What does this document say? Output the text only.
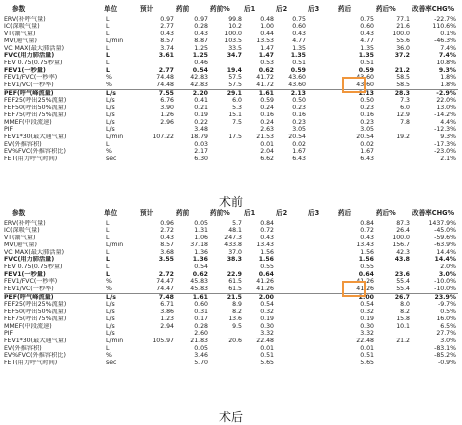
参数	单位	预计	药前	药前%	后1	后2	后3	药后	药后%	改善率CHG%
ERV(补呼气量)	L	0.97	0.97	99.8	0.48	0.75		0.75	77.1	-22.7%
IC(深吸气量)	L	2.77	0.28	10.2	1.00	0.60		0.60	21.6	110.6%
VT(潮气量)	L	0.43	0.43	100.0	0.44	0.43		0.43	100.0	0.1%
MV(通气量)	L/min	8.57	8.87	103.5	13.53	4.77		4.77	55.6	-46.3%
VC MAX(最大肺活量)	L	3.74	1.25	33.5	1.47	1.35		1.35	36.0	7.4%
FVC(用力肺活量)	L	3.61	1.25	34.7	1.47	1.35		1.35	37.2	7.4%
FEV 0.75(0.75秒量)	L		0.46		0.53	0.51		0.51		10.8%
FEV1(一秒量)	L	2.77	0.54	19.4	0.62	0.59		0.59	21.2	9.3%
FEV1/FVC(一秒率)	%	74.48	42.83	57.5	41.72	43.60		43.60	58.5	1.8%
FEV1/VC(一秒率)	%	74.48	42.83	57.5	41.72	43.60		43.60	58.5	1.8%
PEF(呼气峰流量)	L/s	7.55	2.20	29.1	1.61	2.13		2.13	28.3	-2.9%
FEF25(呼出25%流量)	L/s	6.76	0.41	6.0	0.59	0.50		0.50	7.3	22.0%
FEF50(呼出50%流量)	L/s	3.90	0.21	5.3	0.24	0.23		0.23	6.0	13.0%
FEF75(呼出75%流量)	L/s	1.26	0.19	15.1	0.16	0.16		0.16	12.9	-14.2%
MMEF(中段流速)	L/s	2.96	0.22	7.5	0.24	0.23		0.23	7.8	4.4%
PIF	L/s		3.48		2.63	3.05		3.05		-12.3%
FEV1*30(最大通气量)	L/min	107.22	18.79	17.5	21.53	20.54		20.54	19.2	9.3%
EV(外推容积)	L		0.03		0.01	0.02		0.02		-17.3%
EV%FVC(外推容积比)	%		2.17		2.04	1.67		1.67		-23.0%
FET(用力呼气时间)	sec		6.30		6.62	6.43		6.43		2.1%
术前
参数	单位	预计	药前	药前%	后1	后2	后3	药后	药后%	改善率CHG%
ERV(补呼气量)	L	0.96	0.05	5.7	0.84			0.84	87.3	1437.9%
IC(深吸气量)	L	2.72	1.31	48.1	0.72			0.72	26.4	-45.0%
VT(潮气量)	L	0.43	1.06	247.3	0.43			0.43	100.0	-59.6%
MV(通气量)	L/min	8.57	37.18	433.8	13.43			13.43	156.7	-63.9%
VC MAX(最大肺活量)	L	3.68	1.36	37.0	1.56			1.56	42.3	14.4%
FVC(用力肺活量)	L	3.55	1.36	38.3	1.56			1.56	43.8	14.4%
FEV 0.75(0.75秒量)	L		0.54		0.55			0.55		2.0%
FEV1(一秒量)	L	2.72	0.62	22.9	0.64			0.64	23.6	3.0%
FEV1/FVC(一秒率)	%	74.47	45.83	61.5	41.26			41.26	55.4	-10.0%
FEV1/VC(一秒率)	%	74.47	45.83	61.5	41.26			41.26	55.4	-10.0%
PEF(呼气峰流量)	L/s	7.48	1.61	21.5	2.00			2.00	26.7	23.9%
FEF25(呼出25%流量)	L/s	6.71	0.60	8.9	0.54			0.54	8.0	-9.7%
FEF50(呼出50%流量)	L/s	3.86	0.31	8.2	0.32			0.32	8.2	0.5%
FEF75(呼出75%流量)	L/s	1.23	0.17	13.6	0.19			0.19	15.8	16.0%
MMEF(中段流速)	L/s	2.94	0.28	9.5	0.30			0.30	10.1	6.5%
PIF	L/s		2.60		3.32			3.32		27.7%
FEV1*30(最大通气量)	L/min	105.97	21.83	20.6	22.48			22.48	21.2	3.0%
EV(外推容积)	L		0.05		0.01			0.01		-83.1%
EV%FVC(外推容积比)	%		3.46		0.51			0.51		-85.2%
FET(用力呼气时间)	sec		5.70		5.65			5.65		-0.9%
术后
